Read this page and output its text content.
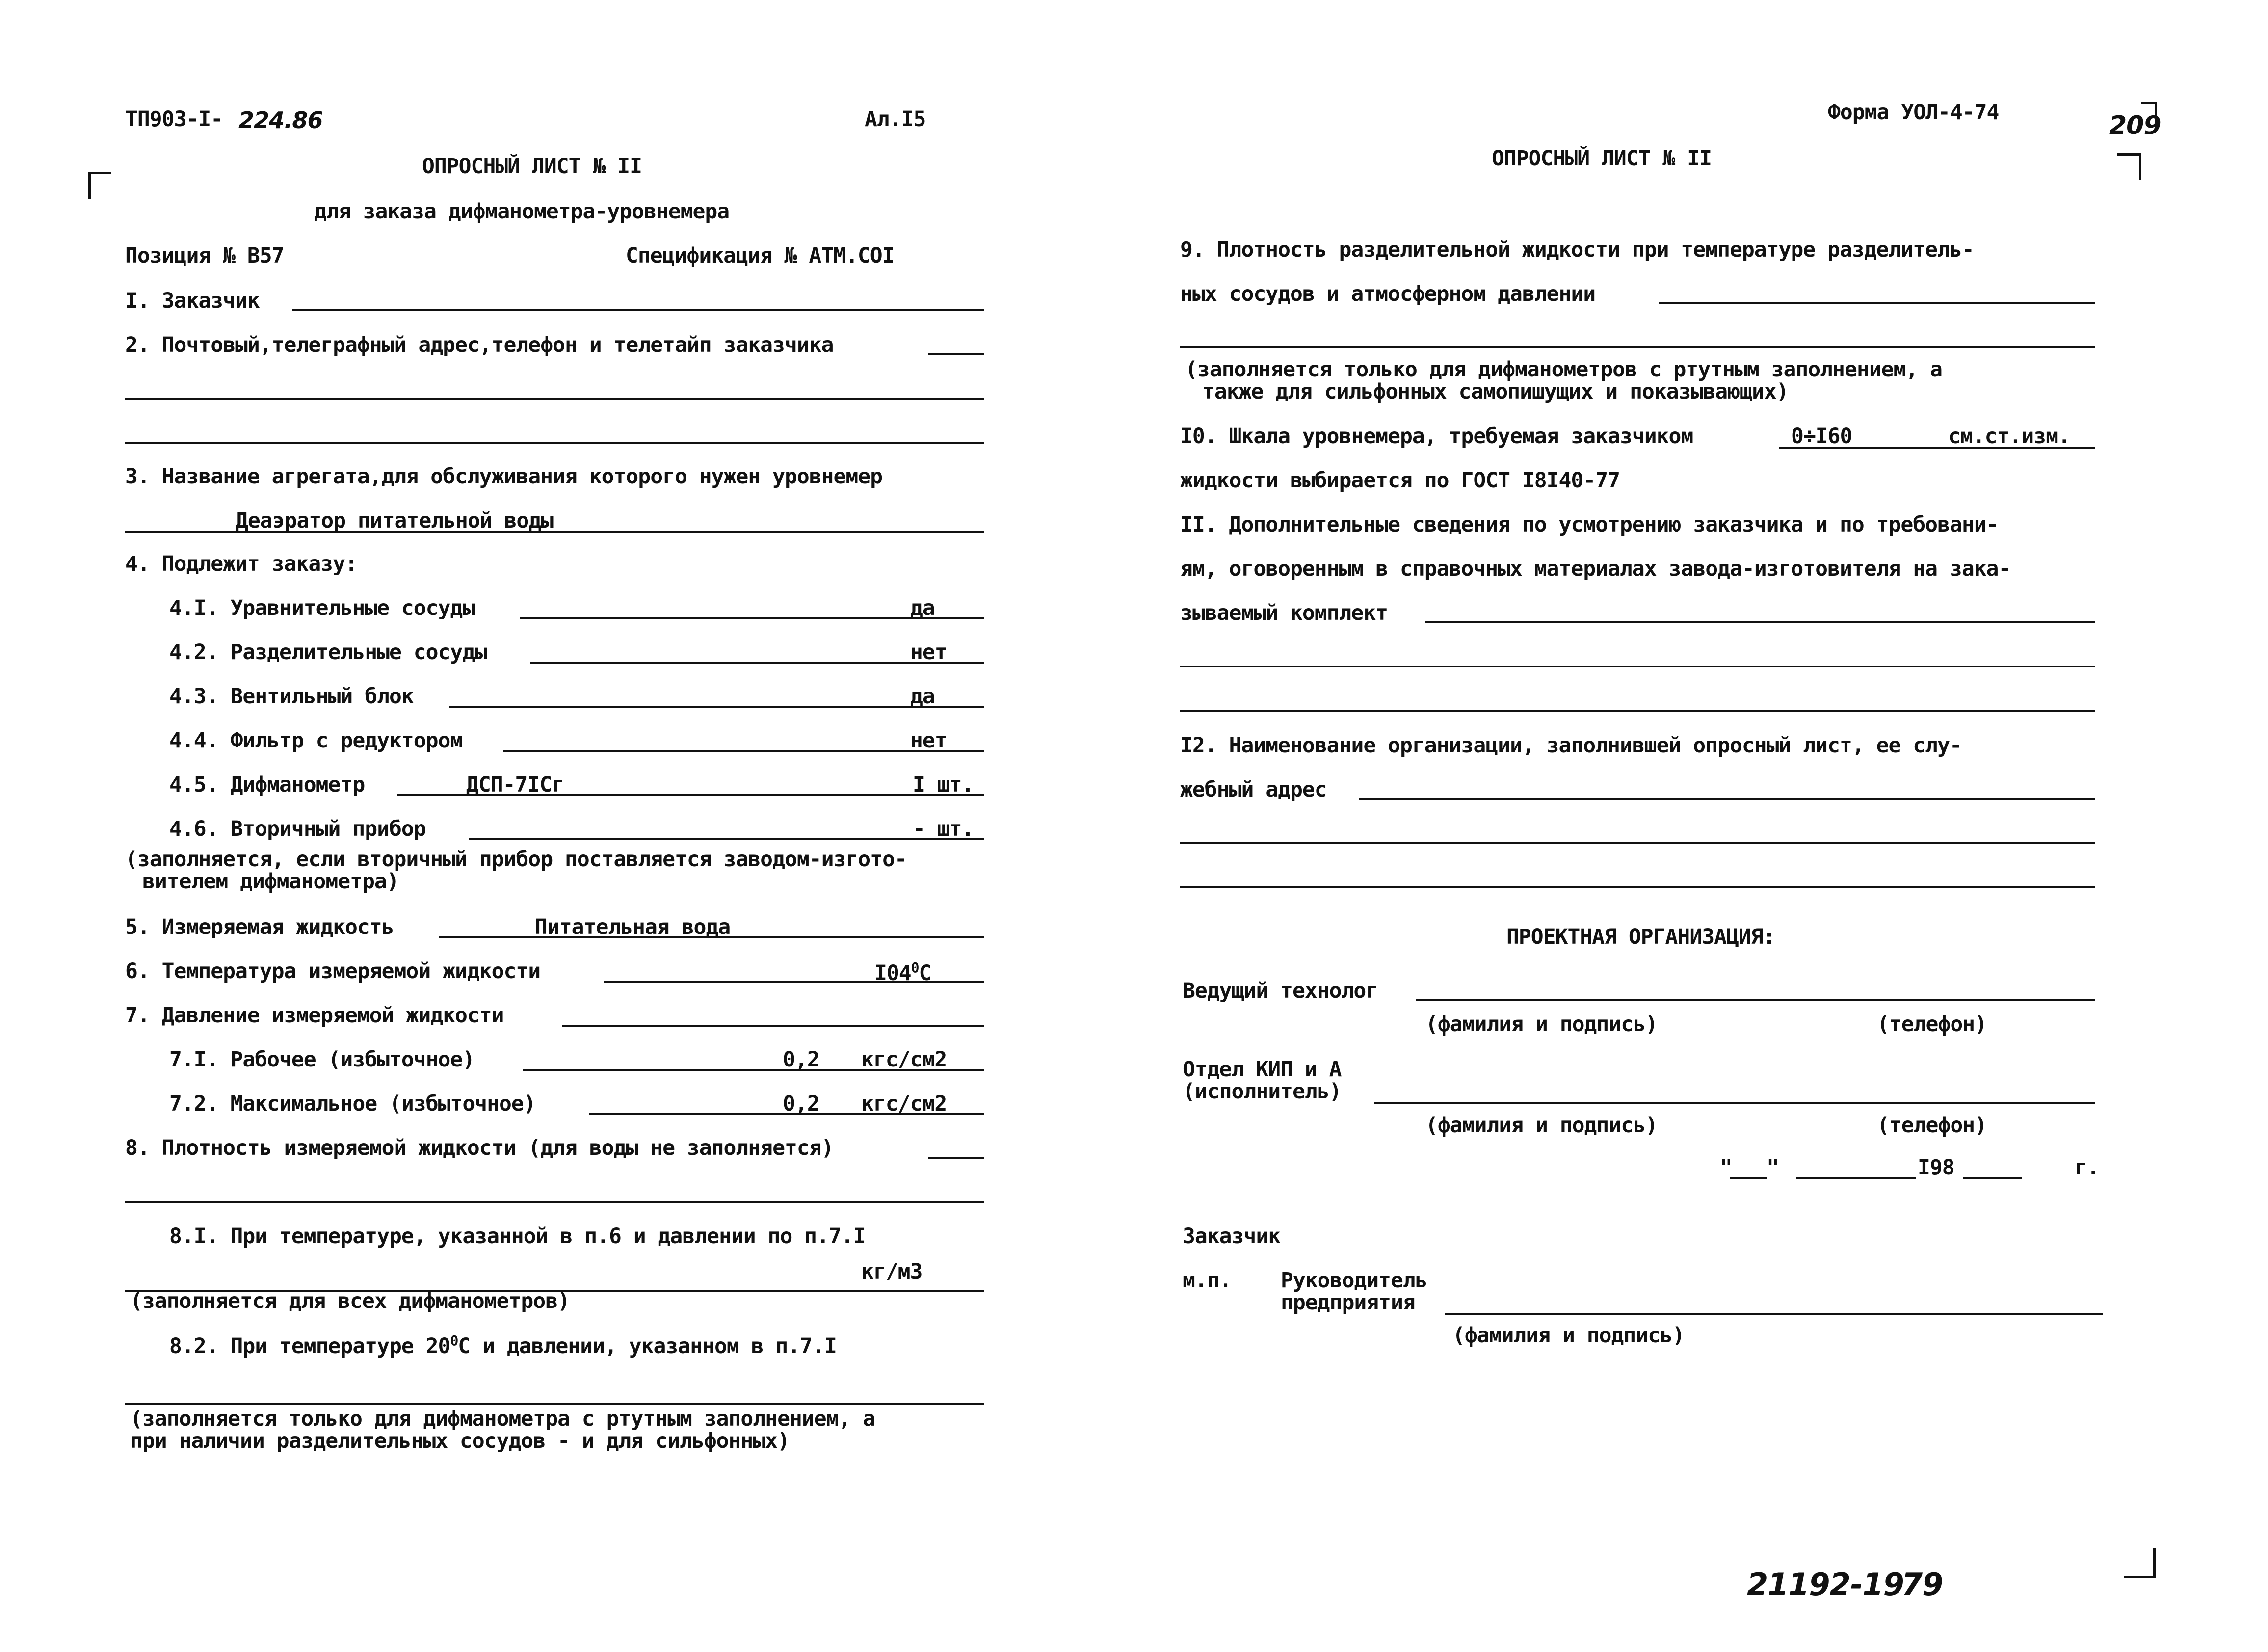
ТП903-I- 224.86	Ал.I5
ОПРОСНЫЙ ЛИСТ № II
для заказа дифманометра-уровнемера
Позиция № В57	Спецификация № АТМ.СОI
I. Заказчик
2. Почтовый,телеграфный адрес,телефон и телетайп заказчика
3. Название агрегата,для обслуживания которого нужен уровнемер
Деаэратор питательной воды
4. Подлежит заказу:
4.I. Уравнительные сосуды	да
4.2. Разделительные сосуды	нет
4.3. Вентильный блок	да
4.4. Фильтр с редуктором	нет
4.5. Дифманометр	ДСП-7IСг	I шт.
4.6. Вторичный прибор	- шт.
(заполняется, если вторичный прибор поставляется заводом-изгото-
вителем дифманометра)
5. Измеряемая жидкость	Питательная вода
6. Температура измеряемой жидкости	$I04^0С$
7. Давление измеряемой жидкости
7.I. Рабочее (избыточное)	0,2 кгс/см2
7.2. Максимальное (избыточное)	0,2 кгс/см2
8. Плотность измеряемой жидкости (для воды не заполняется)
8.I. При температуре, указанной в п.6 и давлении по п.7.I
кг/м3
(заполняется для всех дифманометров)
8.2. При температуре $20^0С$ и давлении, указанном в п.7.I
(заполняется только для дифманометра с ртутным заполнением, а
при наличии разделительных сосудов - и для сильфонных)
Форма УОЛ-4-74	209
ОПРОСНЫЙ ЛИСТ № II
9. Плотность разделительной жидкости при температуре разделитель-
ных сосудов и атмосферном давлении
(заполняется только для дифманометров с ртутным заполнением, а
также для сильфонных самопишущих и показывающих)
I0. Шкала уровнемера, требуемая заказчиком	0÷I60	см.ст.изм.
жидкости выбирается по ГОСТ I8I40-77
II. Дополнительные сведения по усмотрению заказчика и по требовани-
ям, оговоренным в справочных материалах завода-изготовителя на зака-
зываемый комплект
I2. Наименование организации, заполнившей опросный лист, ее слу-
жебный адрес
ПРОЕКТНАЯ ОРГАНИЗАЦИЯ:
Ведущий технолог
(фамилия и подпись)	(телефон)
Отдел КИП и А
(исполнитель)
(фамилия и подпись)	(телефон)
" "	I98	г.
Заказчик
м.п. Руководитель
предприятия
(фамилия и подпись)
21192-19
79
